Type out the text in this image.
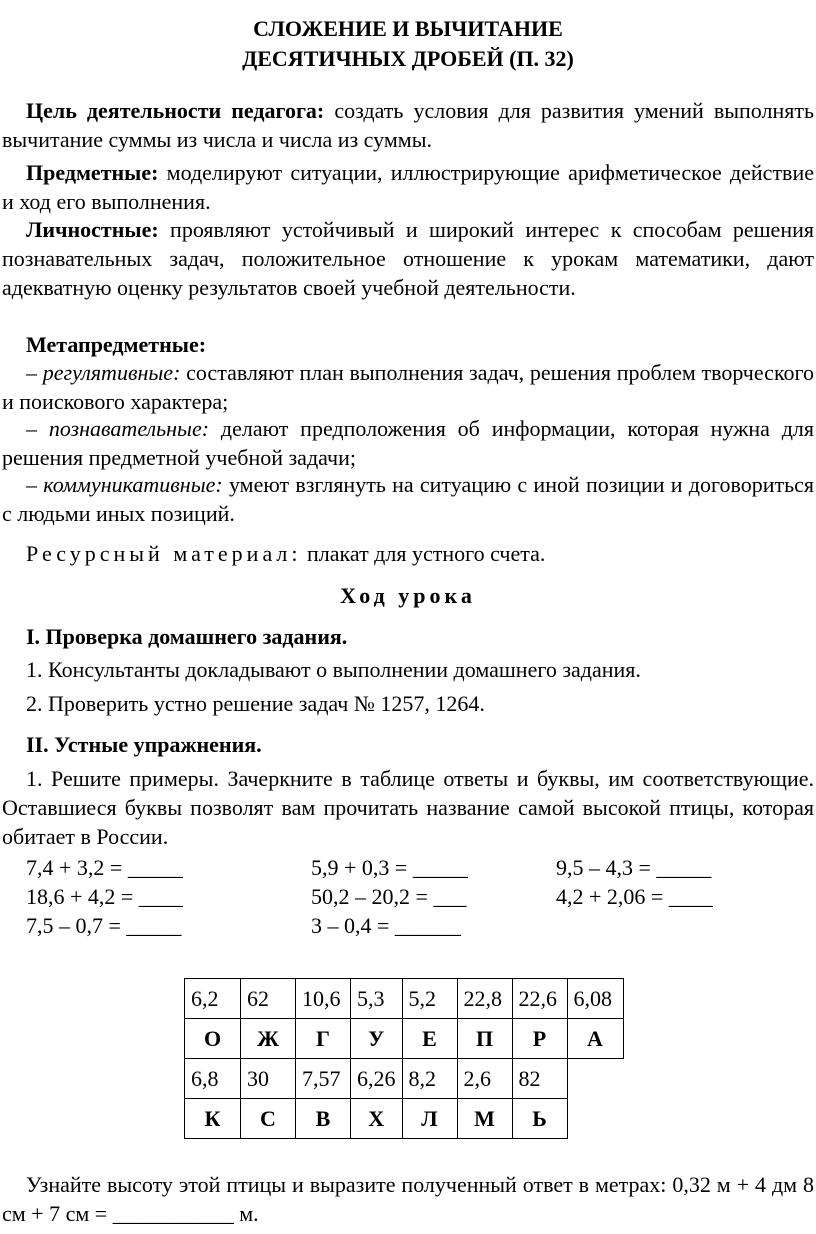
СЛОЖЕНИЕ И ВЫЧИТАНИЕ
ДЕСЯТИЧНЫХ ДРОБЕЙ (П. 32)
Цель деятельности педагога: создать условия для развития умений выполнять вычитание суммы из числа и числа из суммы.
Предметные: моделируют ситуации, иллюстрирующие арифметическое действие и ход его выполнения.
Личностные: проявляют устойчивый и широкий интерес к способам решения познавательных задач, положительное отношение к урокам математики, дают адекватную оценку результатов своей учебной деятельности.
Метапредметные:
– регулятивные: составляют план выполнения задач, решения проблем творческого и поискового характера;
– познавательные: делают предположения об информации, которая нужна для решения предметной учебной задачи;
– коммуникативные: умеют взглянуть на ситуацию с иной позиции и договориться с людьми иных позиций.
Ресурсный материал: плакат для устного счета.
Ход урока
I. Проверка домашнего задания.
1. Консультанты докладывают о выполнении домашнего задания.
2. Проверить устно решение задач № 1257, 1264.
II. Устные упражнения.
1. Решите примеры. Зачеркните в таблице ответы и буквы, им соответствующие. Оставшиеся буквы позволят вам прочитать название самой высокой птицы, которая обитает в России.
7,4 + 3,2 = _____	5,9 + 0,3 = _____	9,5 – 4,3 = _____
18,6 + 4,2 = ____	50,2 – 20,2 = ___	4,2 + 2,06 = ____
7,5 – 0,7 = _____	3 – 0,4 = ______
6,2	62	10,6	5,3	5,2	22,8	22,6	6,08
О	Ж	Г	У	Е	П	Р	А
6,8	30	7,57	6,26	8,2	2,6	82	
К	С	В	Х	Л	М	Ь	
Узнайте высоту этой птицы и выразите полученный ответ в метрах: 0,32 м + 4 дм 8 см + 7 см = ___________ м.
